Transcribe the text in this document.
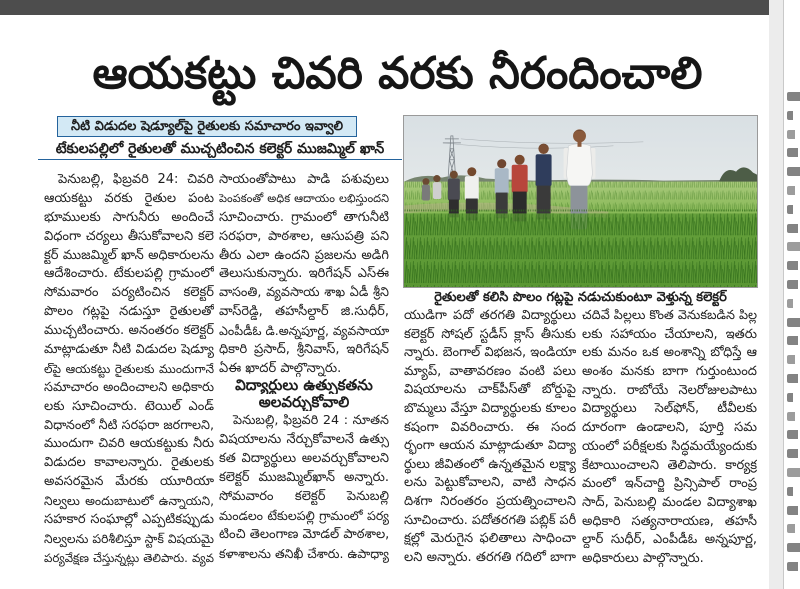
ఆయకట్టు చివరి వరకు నీరందించాలి
నీటి విడుదల షెడ్యూల్‌పై రైతులకు సమాచారం ఇవ్వాలి
టేకులపల్లిలో రైతులతో ముచ్చటించిన కలెక్టర్ ముజమ్మిల్ ఖాన్
రైతులతో కలిసి పొలం గట్లపై నడుచుకుంటూ వెళ్తున్న కలెక్టర్
పెనుబల్లి, ఫిబ్రవరి 24: చివరి
ఆయకట్టు వరకు రైతుల పంట
భూములకు సాగునీరు అందించే
విధంగా చర్యలు తీసుకోవాలని కలె
క్టర్ ముజమ్మిల్ ఖాన్ అధికారులను
ఆదేశించారు. టేకులపల్లి గ్రామంలో
సోమవారం పర్యటించిన కలెక్టర్
పొలం గట్లపై నడుస్తూ రైతులతో
ముచ్చటించారు. అనంతరం కలెక్టర్
మాట్లాడుతూ నీటి విడుదల షెడ్యూ
ల్‌పై ఆయకట్టు రైతులకు ముందుగానే
సమాచారం అందించాలని అధికారు
లకు సూచించారు. టెయిల్ ఎండ్
విధానంలో నీటి సరఫరా జరగాలని,
ముందుగా చివరి ఆయకట్టుకు నీరు
విడుదల కావాలన్నారు. రైతులకు
అవసరమైన మేరకు యూరియా
నిల్వలు అందుబాటులో ఉన్నాయని,
సహకార సంఘాల్లో ఎప్పటికప్పుడు
నిల్వలను పరిశీలిస్తూ స్టాక్ విషయమై
పర్యవేక్షణ చేస్తున్నట్లు తెలిపారు. వ్యవ
సాయంతోపాటు పాడి పశువులు
పెంపకంతో అధిక ఆదాయం లభిస్తుందని
సూచించారు. గ్రామంలో తాగునీటి
సరఫరా, పాఠశాల, ఆసుపత్రి పని
తీరు ఎలా ఉందని ప్రజలను అడిగి
తెలుసుకున్నారు. ఇరిగేషన్ ఎస్ఈ
వాసంతి, వ్యవసాయ శాఖ ఏడీ శ్రీని
వాస్‌రెడ్డి, తహసీల్దార్ జి.సుధీర్,
ఎంపీడీఓ డి.అన్నపూర్ణ, వ్యవసాయా
ధికారి ప్రసాద్, శ్రీనివాస్, ఇరిగేషన్
ఏఈ ఖాదర్ పాల్గొన్నారు.
విద్యార్థులు ఉత్సుకతను
అలవర్చుకోవాలి
పెనుబల్లి, ఫిబ్రవరి 24 : నూతన
విషయాలను నేర్చుకోవాలనే ఉత్సు
కత విద్యార్థులు అలవర్చుకోవాలని
కలెక్టర్ ముజమ్మిల్‌ఖాన్ అన్నారు.
సోమవారం కలెక్టర్ పెనుబల్లి
మండలం టేకులపల్లి గ్రామంలో పర్య
టించి తెలంగాణ మోడల్ పాఠశాల,
కళాశాలను తనిఖీ చేశారు. ఉపాధ్యా
యుడిగా పదో తరగతి విద్యార్థులు
కలెక్టర్ సోషల్ స్టడీస్ క్లాస్ తీసుకు
న్నారు. బెంగాల్ విభజన, ఇండియా
మ్యాప్, వాతావరణం వంటి పలు
విషయాలను చాక్‌పీస్‌తో బోర్డుపై
బొమ్మలు వేస్తూ విద్యార్థులకు కూలం
కషంగా వివరించారు. ఈ సంద
ర్భంగా ఆయన మాట్లాడుతూ విద్యా
ర్థులు జీవితంలో ఉన్నతమైన లక్ష్యా
లను పెట్టుకోవాలని, వాటి సాధన
దిశగా నిరంతరం ప్రయత్నించాలని
సూచించారు. పదోతరగతి పబ్లిక్ పరీ
క్షల్లో మెరుగైన ఫలితాలు సాధించా
లని అన్నారు. తరగతి గదిలో బాగా
చదివే పిల్లలు కొంత వెనుకబడిన పిల్ల
లకు సహాయం చేయాలని, ఇతరు
లకు మనం ఒక అంశాన్ని బోధిస్తే ఆ
అంశం మనకు బాగా గుర్తుంటుంద
న్నారు. రాబోయే నెలరోజులపాటు
విద్యార్థులు సెల్‌ఫోన్, టీవీలకు
దూరంగా ఉండాలని, పూర్తి సమ
యంలో పరీక్షలకు సిద్ధమయ్యేందుకు
కేటాయించాలని తెలిపారు. కార్యక్ర
మంలో ఇన్‌చార్జి ప్రిన్సిపాల్ రాంప్ర
సాద్, పెనుబల్లి మండల విద్యాశాఖ
అధికారి సత్యనారాయణ, తహసీ
ల్దార్ సుధీర్, ఎంపీడీఓ అన్నపూర్ణ,
అధికారులు పాల్గొన్నారు.
